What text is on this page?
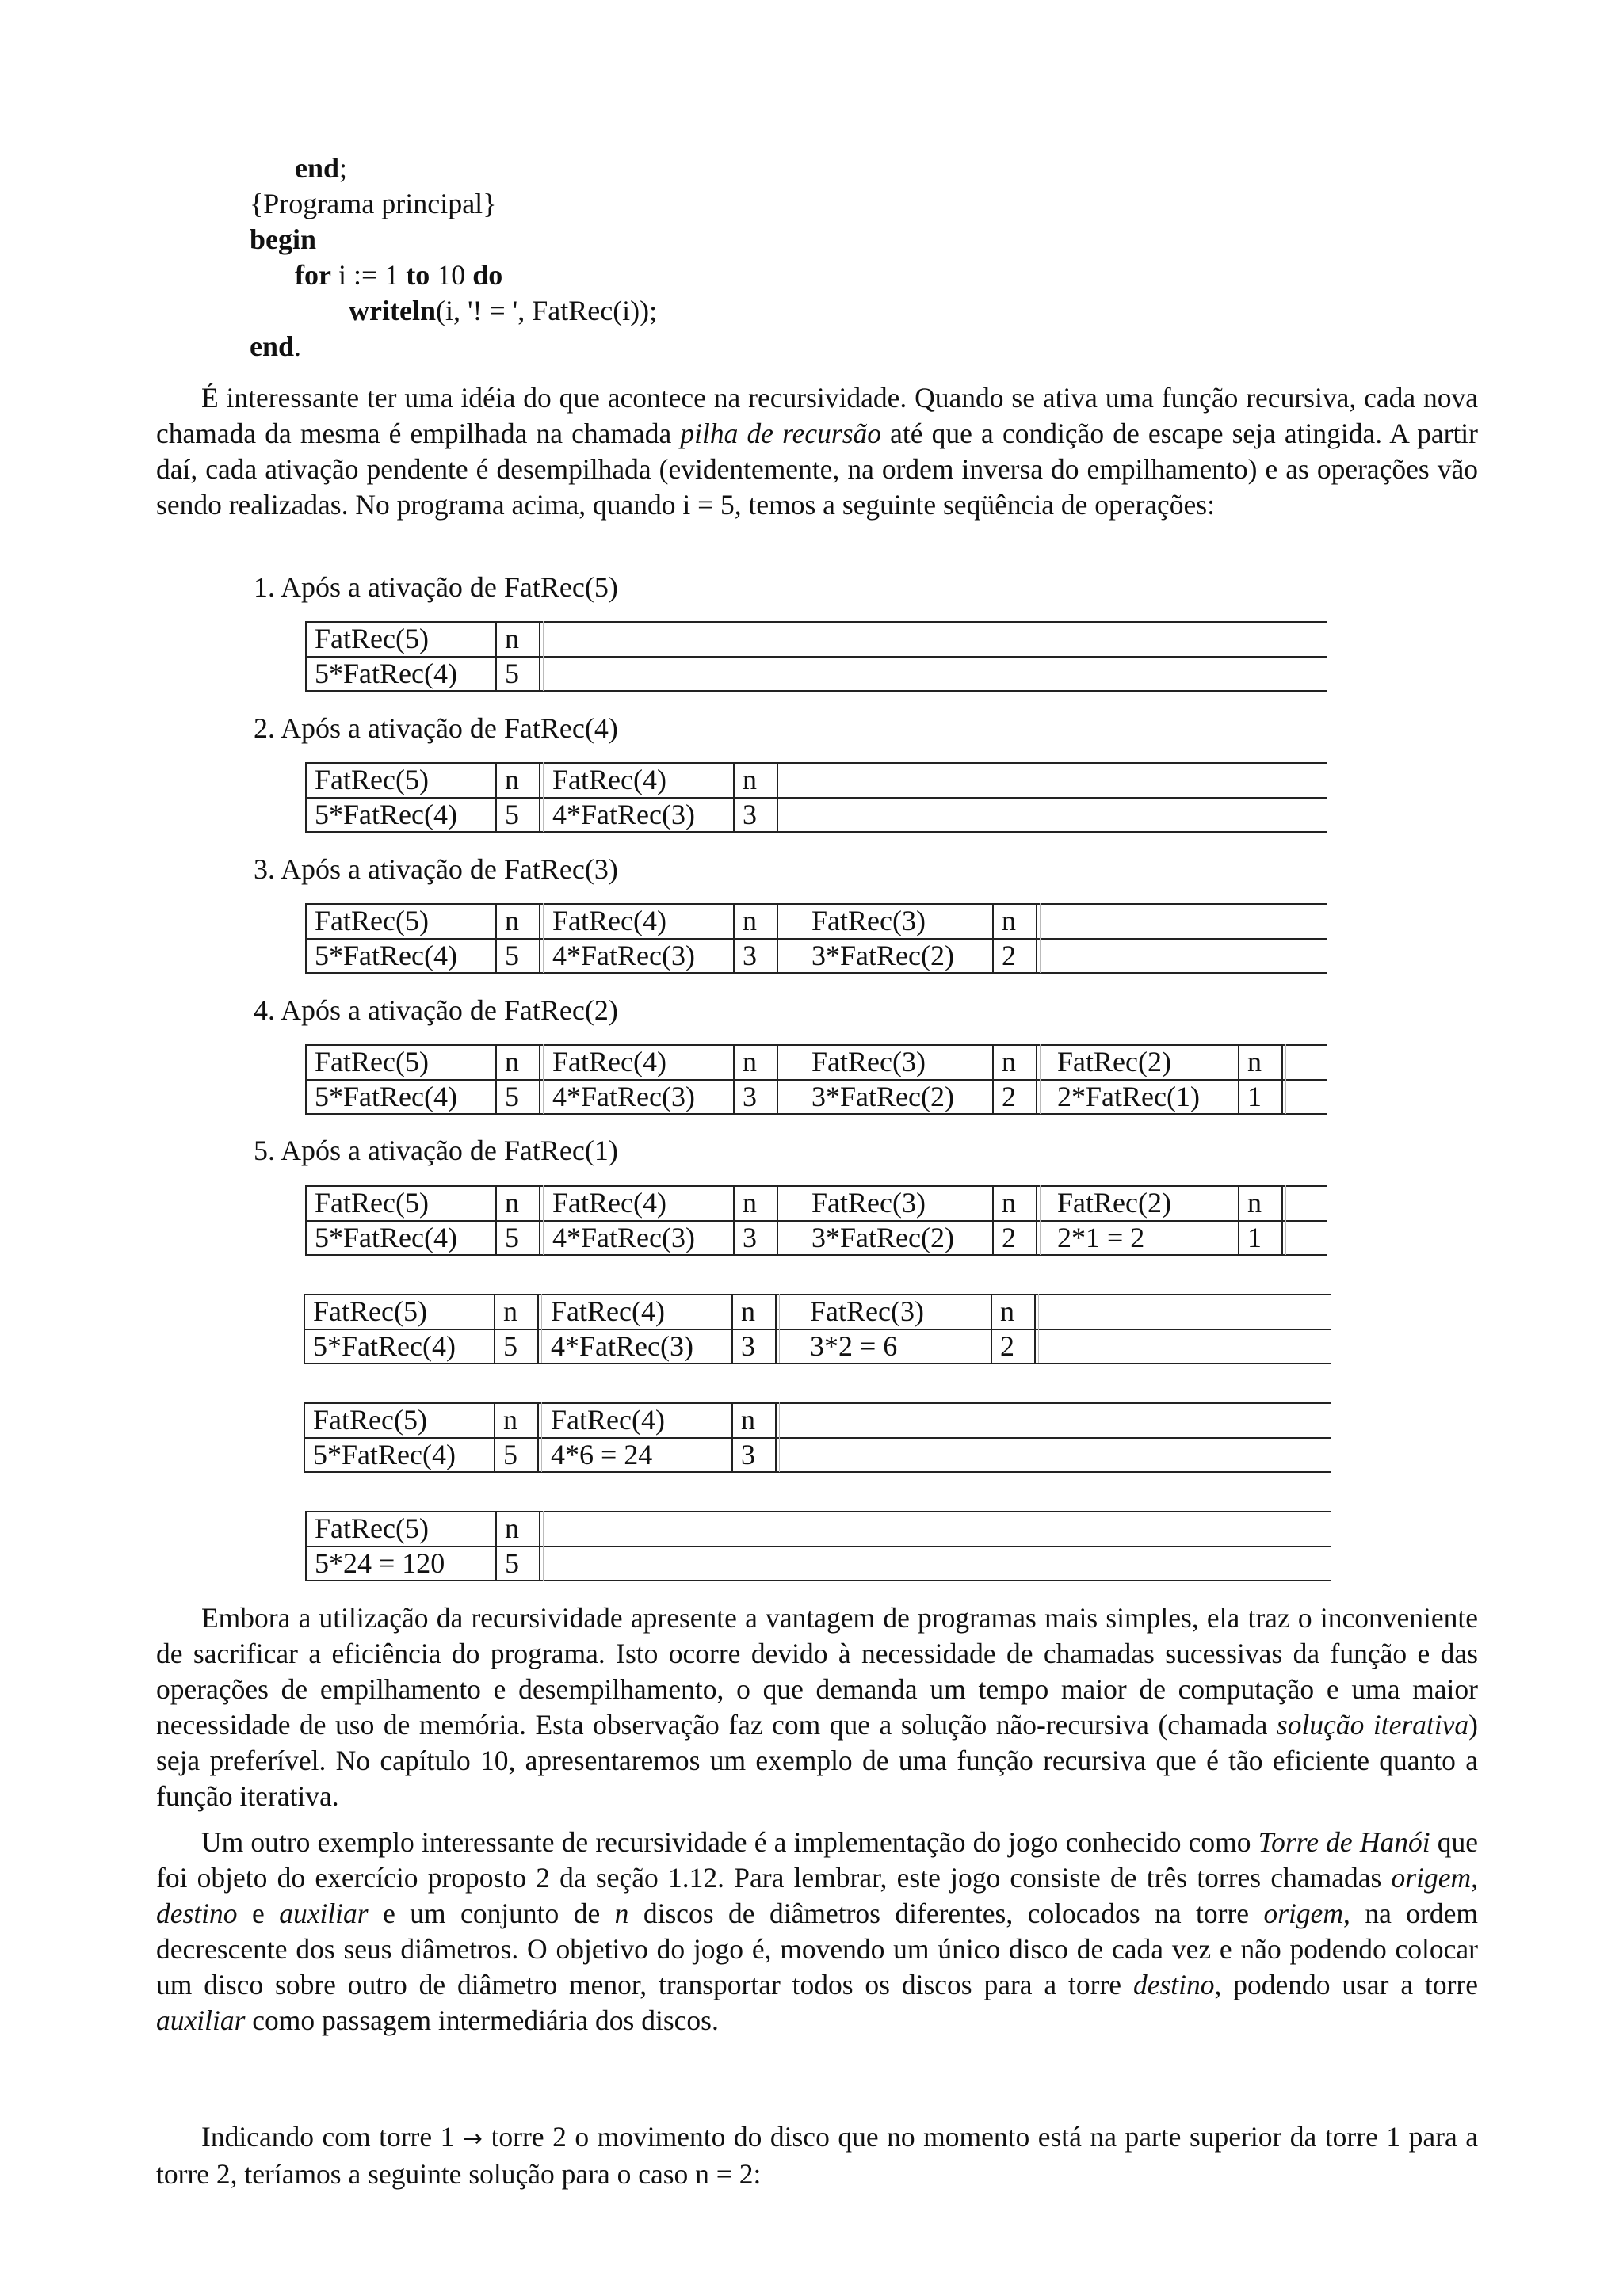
end;
{Programa principal}
begin
for i := 1 to 10 do
writeln(i, '! = ', FatRec(i));
end.

É interessante ter uma idéia do que acontece na recursividade. Quando se ativa uma função recursiva, cada nova chamada da mesma é empilhada na chamada pilha de recursão até que a condição de escape seja atingida. A partir daí, cada ativação pendente é desempilhada (evidentemente, na ordem inversa do empilhamento) e as operações vão sendo realizadas. No programa acima, quando i = 5, temos a seguinte seqüência de operações:

1. Após a ativação de FatRec(5)
2. Após a ativação de FatRec(4)
3. Após a ativação de FatRec(3)
4. Após a ativação de FatRec(2)
5. Após a ativação de FatRec(1)
FatRec(5)
5*FatRec(4)
n
5
FatRec(5)
5*FatRec(4)
n
5
FatRec(4)
4*FatRec(3)
n
3
FatRec(5)
5*FatRec(4)
n
5
FatRec(4)
4*FatRec(3)
n
3
FatRec(3)
3*FatRec(2)
n
2
FatRec(5)
5*FatRec(4)
n
5
FatRec(4)
4*FatRec(3)
n
3
FatRec(3)
3*FatRec(2)
n
2
FatRec(2)
2*FatRec(1)
n
1
FatRec(5)
5*FatRec(4)
n
5
FatRec(4)
4*FatRec(3)
n
3
FatRec(3)
3*FatRec(2)
n
2
FatRec(2)
2*1 = 2
n
1
FatRec(5)
5*FatRec(4)
n
5
FatRec(4)
4*FatRec(3)
n
3
FatRec(3)
3*2 = 6
n
2
FatRec(5)
5*FatRec(4)
n
5
FatRec(4)
4*6 = 24
n
3
FatRec(5)
5*24 = 120
n
5

Embora a utilização da recursividade apresente a vantagem de programas mais simples, ela traz o inconveniente de sacrificar a eficiência do programa. Isto ocorre devido à necessidade de chamadas sucessivas da função e das operações de empilhamento e desempilhamento, o que demanda um tempo maior de computação e uma maior necessidade de uso de memória. Esta observação faz com que a solução não-recursiva (chamada solução iterativa) seja preferível. No capítulo 10, apresentaremos um exemplo de uma função recursiva que é tão eficiente quanto a função iterativa.

Um outro exemplo interessante de recursividade é a implementação do jogo conhecido como Torre de Hanói que foi objeto do exercício proposto 2 da seção 1.12. Para lembrar, este jogo consiste de três torres chamadas origem, destino e auxiliar e um conjunto de n discos de diâmetros diferentes, colocados na torre origem, na ordem decrescente dos seus diâmetros. O objetivo do jogo é, movendo um único disco de cada vez e não podendo colocar um disco sobre outro de diâmetro menor, transportar todos os discos para a torre destino, podendo usar a torre auxiliar como passagem intermediária dos discos.

Indicando com torre 1 → torre 2 o movimento do disco que no momento está na parte superior da torre 1 para a torre 2, teríamos a seguinte solução para o caso n = 2:
